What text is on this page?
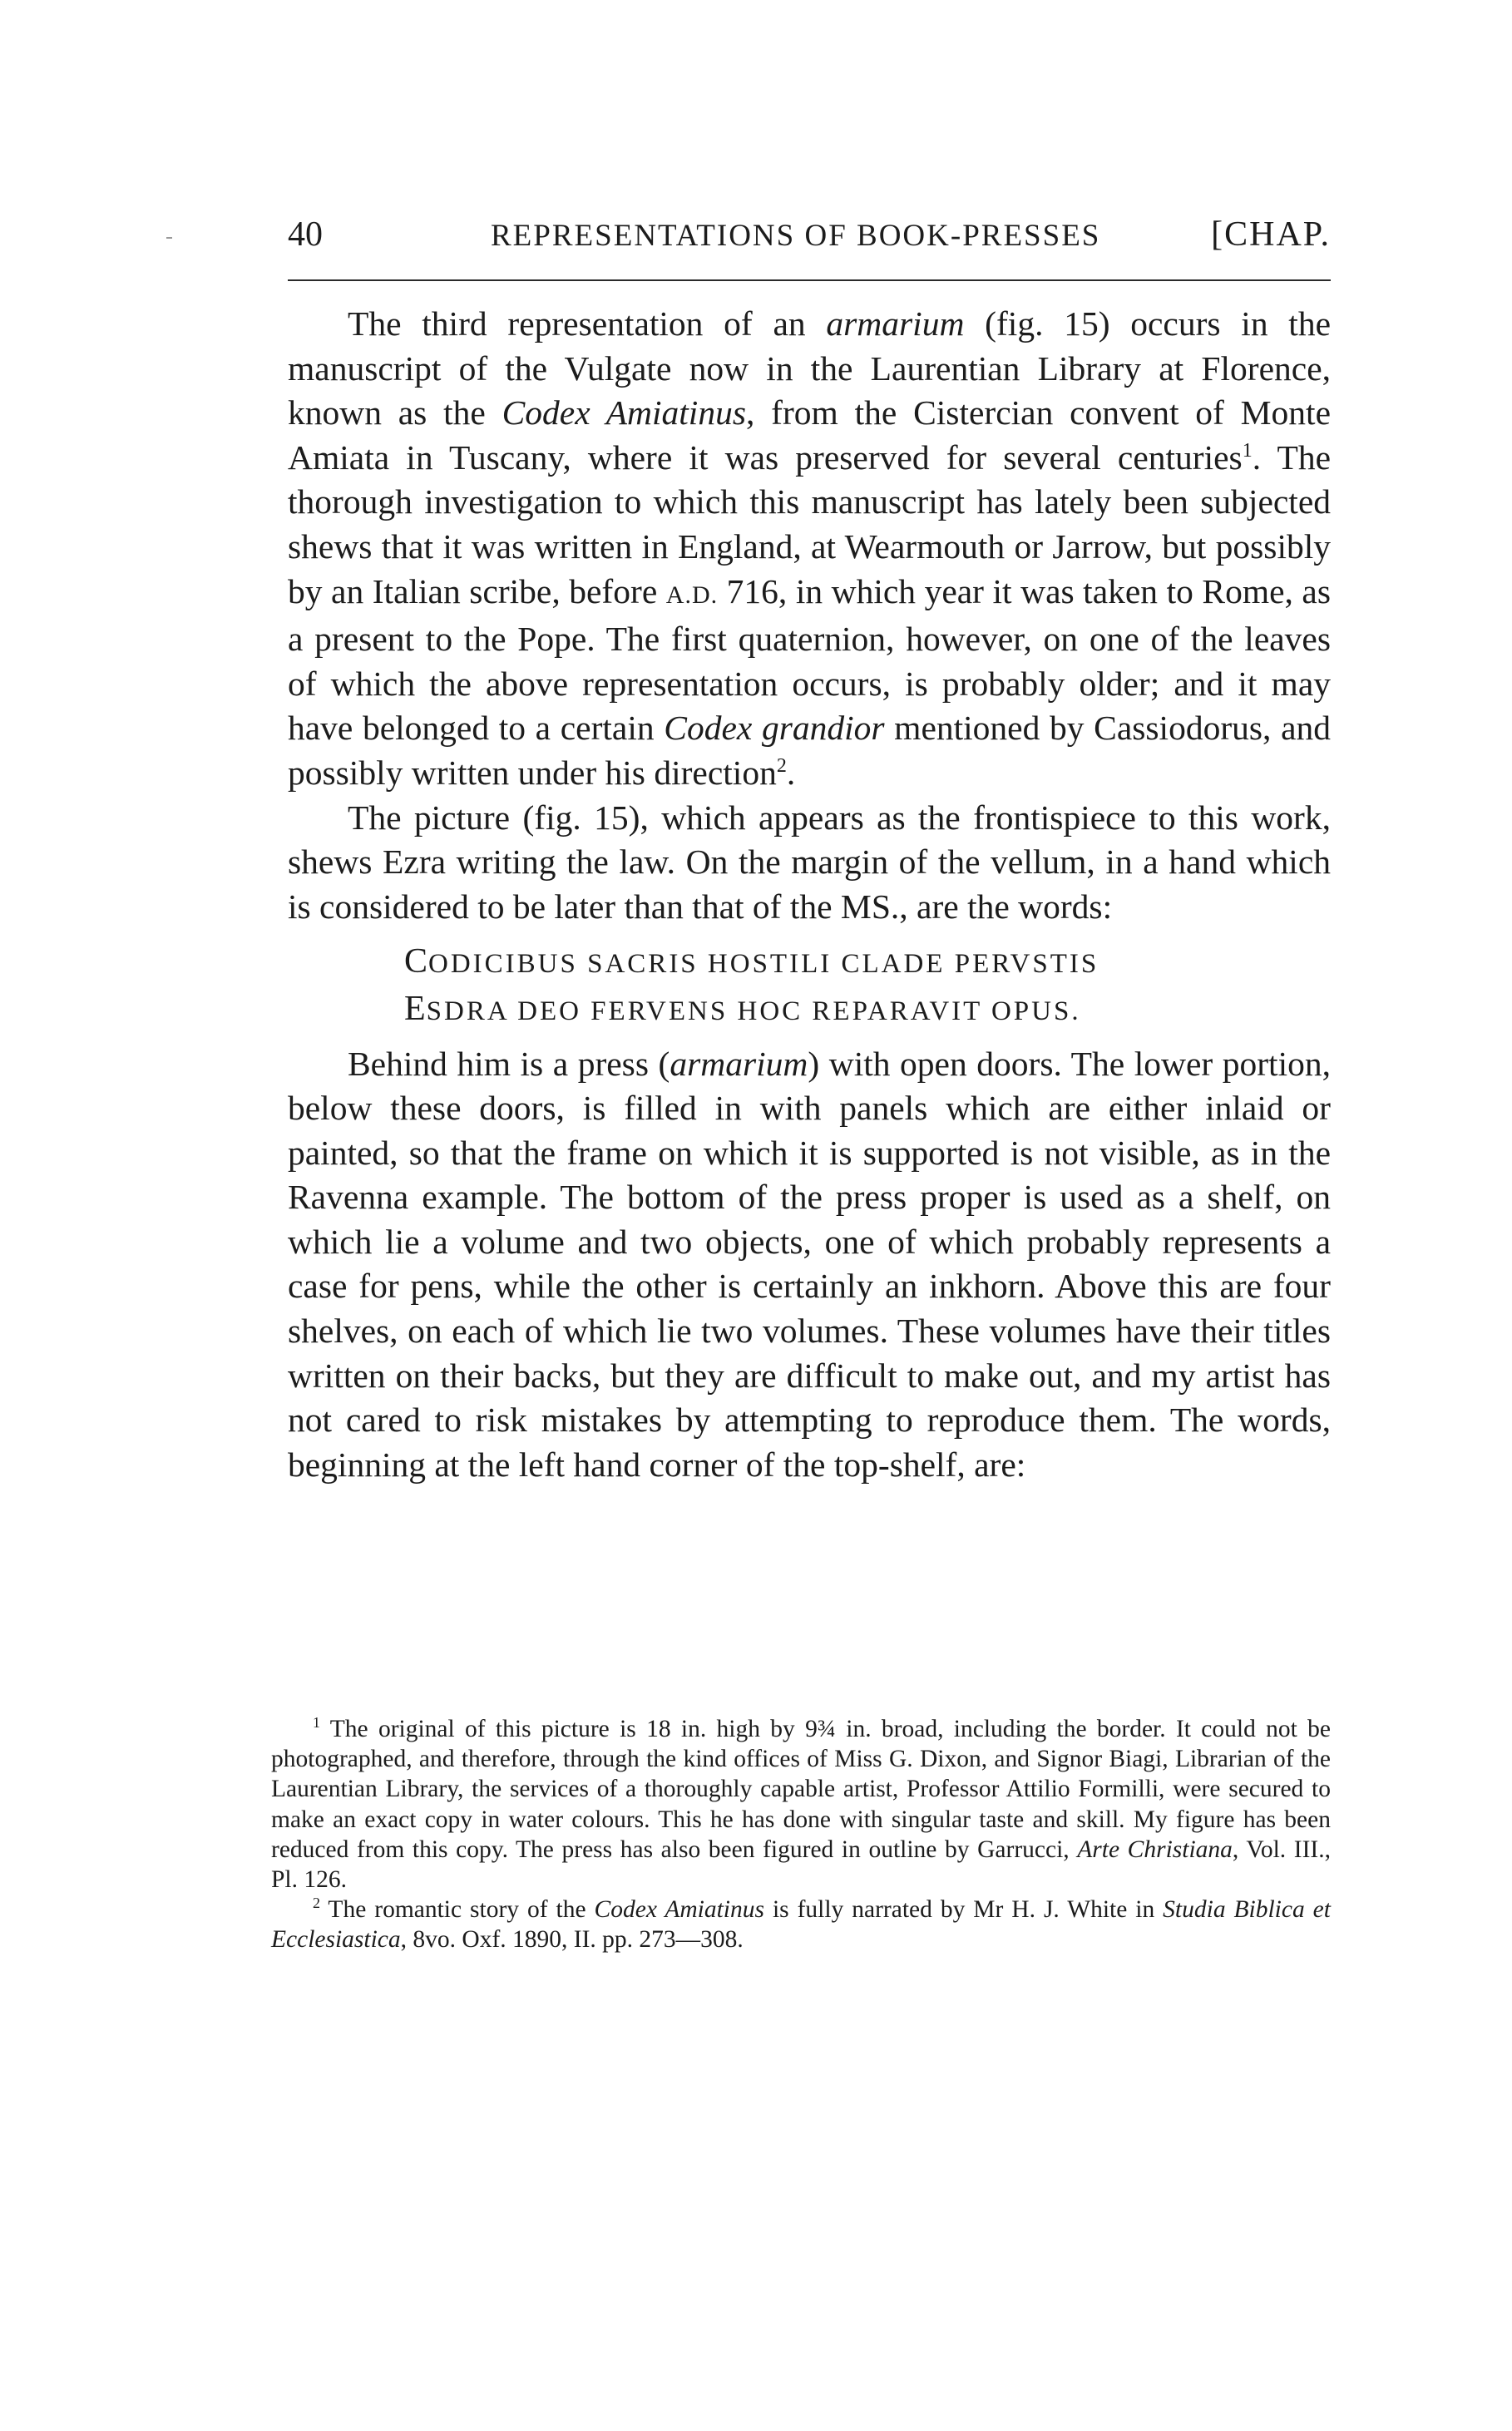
40	REPRESENTATIONS OF BOOK-PRESSES	[CHAP.

The third representation of an armarium (fig. 15) occurs in the manuscript of the Vulgate now in the Laurentian Library at Florence, known as the Codex Amiatinus, from the Cistercian convent of Monte Amiata in Tuscany, where it was preserved for several centuries$^1$. The thorough investigation to which this manuscript has lately been subjected shews that it was written in England, at Wearmouth or Jarrow, but possibly by an Italian scribe, before A.D. 716, in which year it was taken to Rome, as a present to the Pope. The first quaternion, however, on one of the leaves of which the above representation occurs, is probably older; and it may have belonged to a certain Codex grandior mentioned by Cassiodorus, and possibly written under his direction$^2$.

The picture (fig. 15), which appears as the frontispiece to this work, shews Ezra writing the law. On the margin of the vellum, in a hand which is considered to be later than that of the MS., are the words:

CODICIBUS SACRIS HOSTILI CLADE PERVSTIS
ESDRA DEO FERVENS HOC REPARAVIT OPUS.

Behind him is a press (armarium) with open doors. The lower portion, below these doors, is filled in with panels which are either inlaid or painted, so that the frame on which it is supported is not visible, as in the Ravenna example. The bottom of the press proper is used as a shelf, on which lie a volume and two objects, one of which probably represents a case for pens, while the other is certainly an inkhorn. Above this are four shelves, on each of which lie two volumes. These volumes have their titles written on their backs, but they are difficult to make out, and my artist has not cared to risk mistakes by attempting to reproduce them. The words, beginning at the left hand corner of the top-shelf, are:

$^1$ The original of this picture is 18 in. high by 9¾ in. broad, including the border. It could not be photographed, and therefore, through the kind offices of Miss G. Dixon, and Signor Biagi, Librarian of the Laurentian Library, the services of a thoroughly capable artist, Professor Attilio Formilli, were secured to make an exact copy in water colours. This he has done with singular taste and skill. My figure has been reduced from this copy. The press has also been figured in outline by Garrucci, Arte Christiana, Vol. III., Pl. 126.

$^2$ The romantic story of the Codex Amiatinus is fully narrated by Mr H. J. White in Studia Biblica et Ecclesiastica, 8vo. Oxf. 1890, II. pp. 273—308.
